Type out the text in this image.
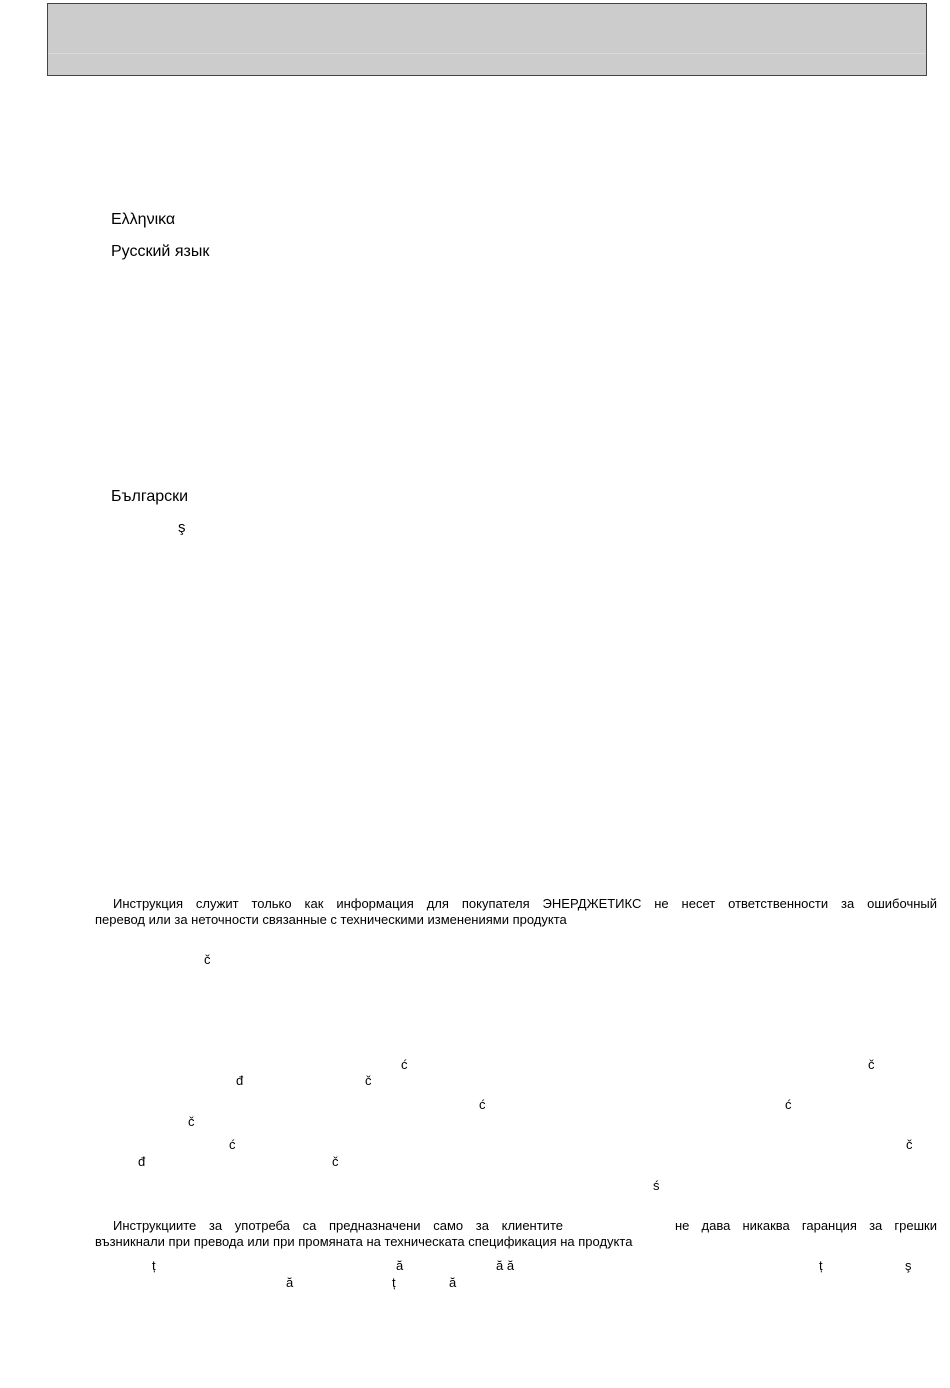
Ελληνικα
Русский язык
Български
ş
Инструкция служит только как информация для покупателя ЭНЕРДЖЕТИКС не несет ответственности за ошибочный
перевод или за неточности связанные с техническими изменениями продукта
č
ć	č
đ	č
ć	ć
č
ć	č
đ	č
ś
Инструкциите за употреба са предназначени само за клиентите	не дава никаква гаранция за грешки
възникнали при превода или при промяната на техническата спецификация на продукта
ț	ă	ă ă	ț	ş
ă	ț	ă
